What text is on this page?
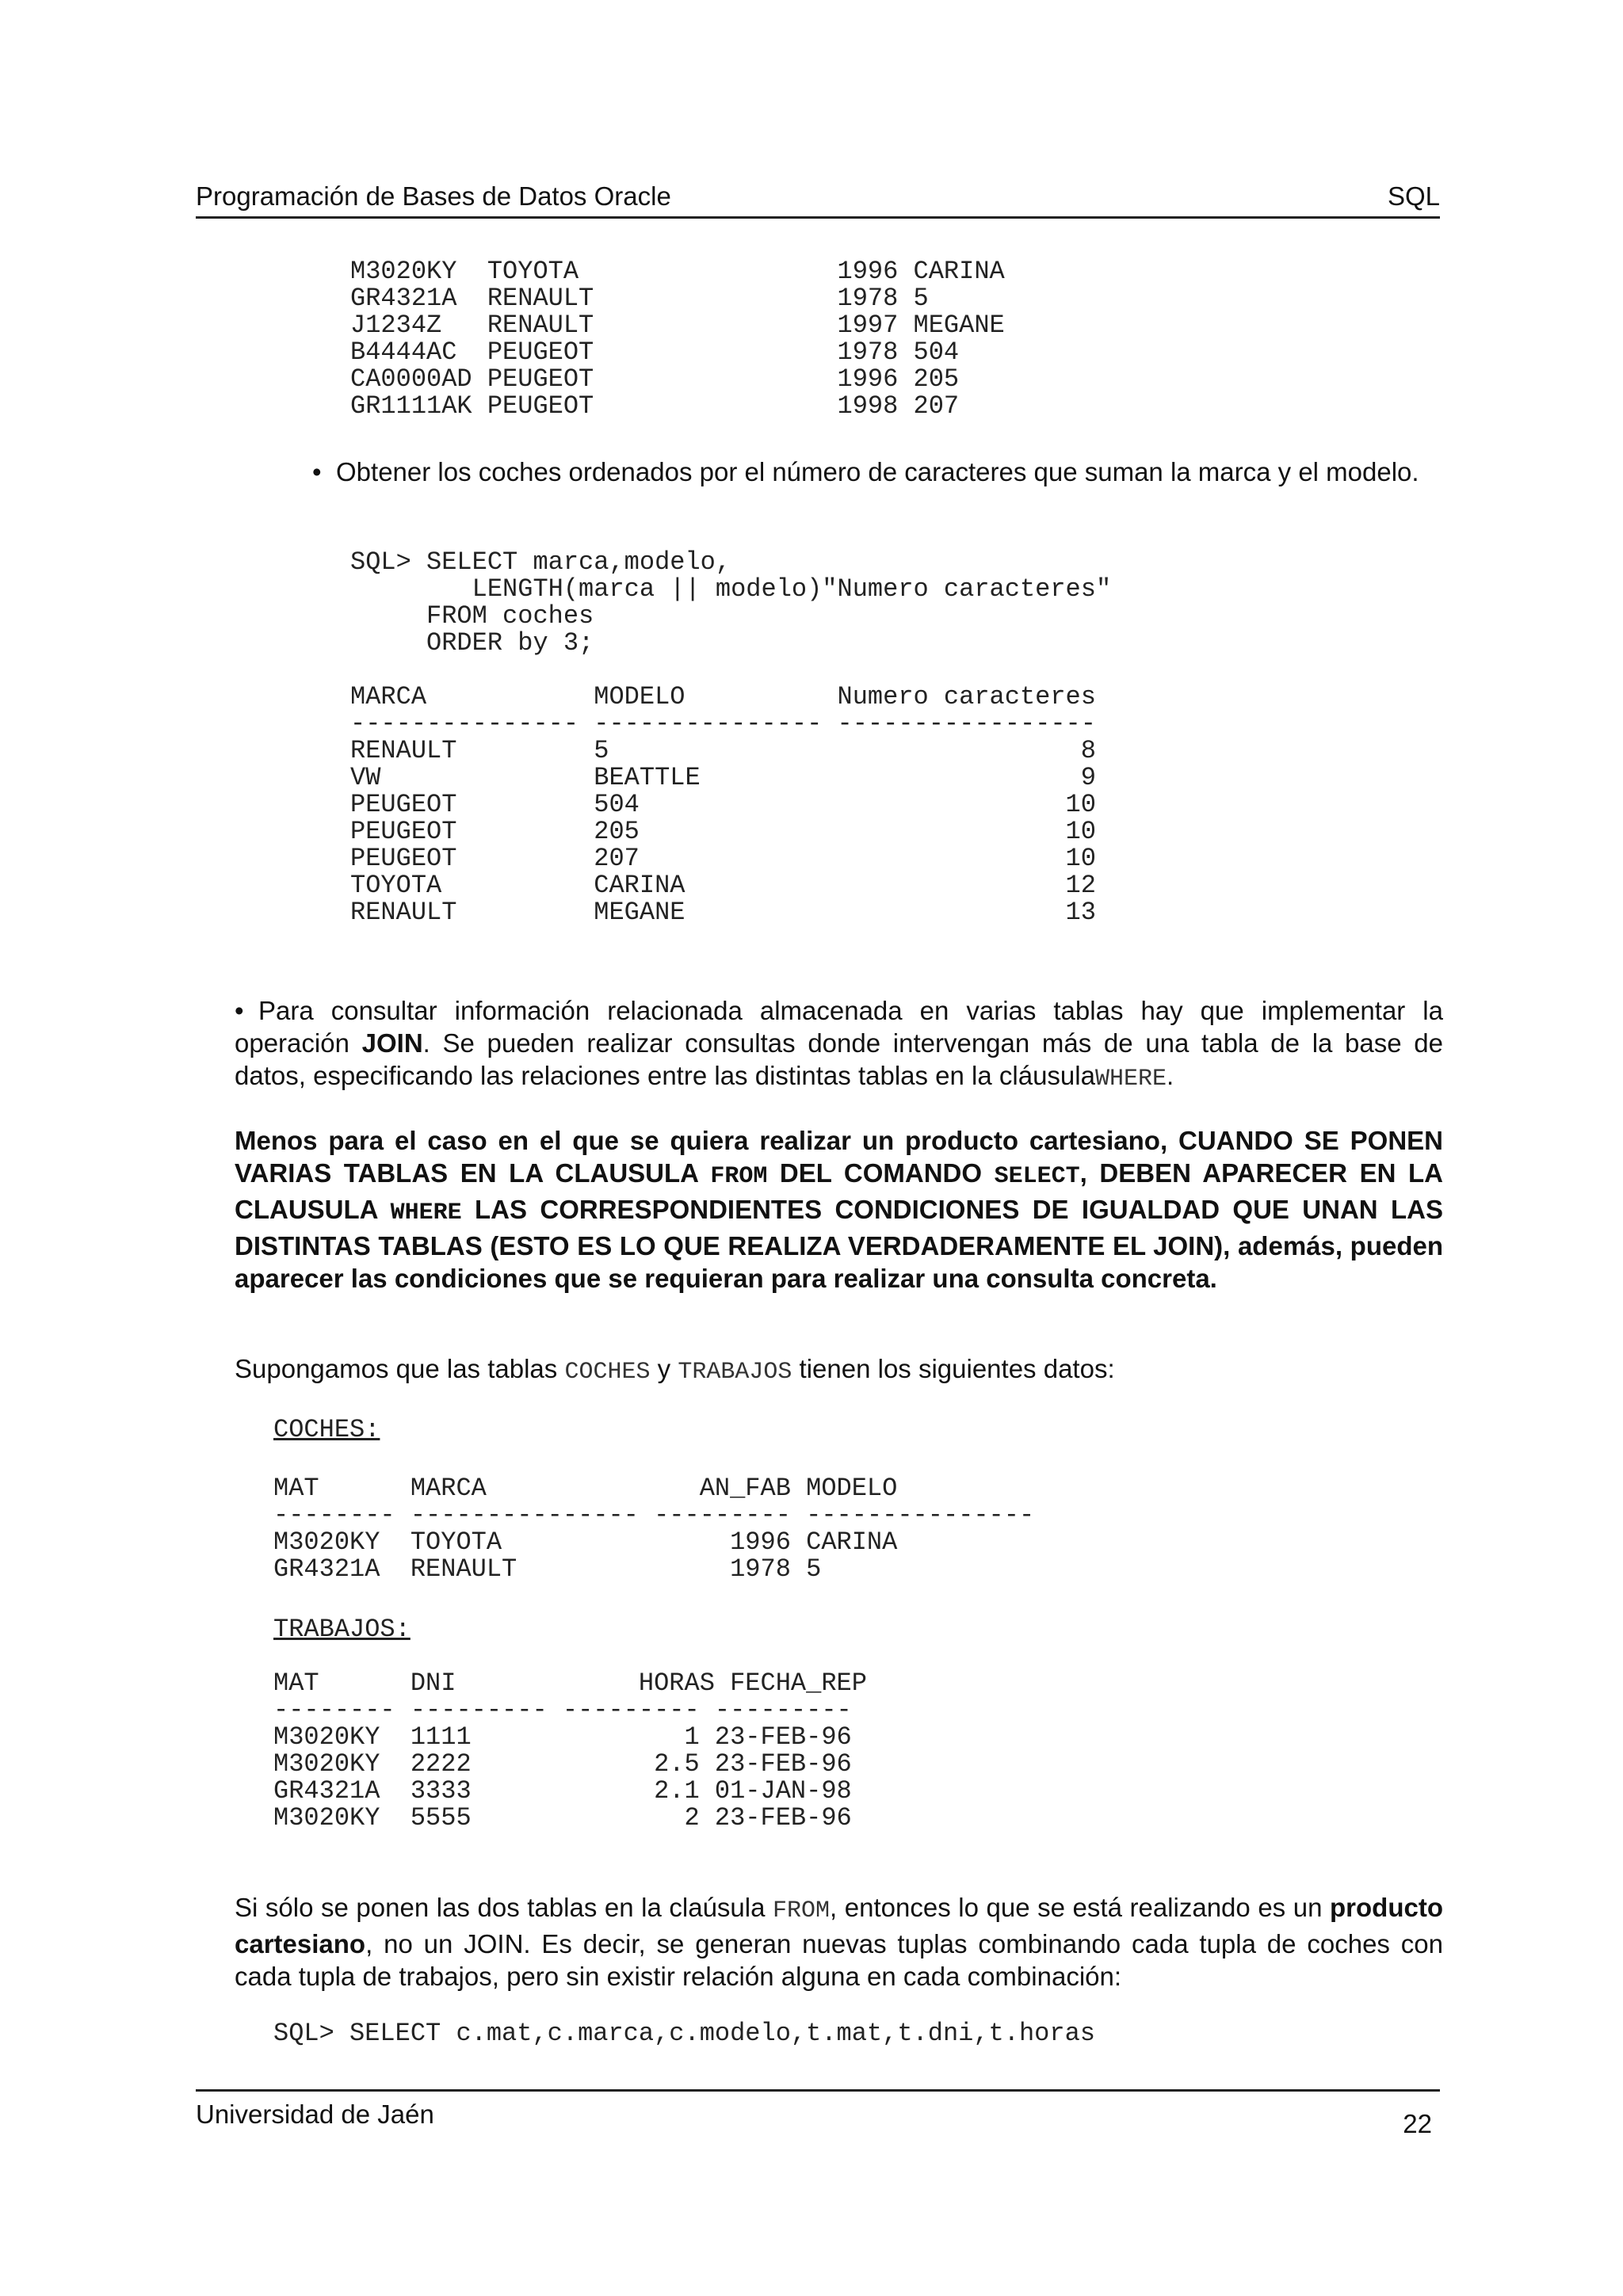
Programación de Bases de Datos Oracle	SQL
M3020KY  TOYOTA                 1996 CARINA
GR4321A  RENAULT                1978 5
J1234Z   RENAULT                1997 MEGANE
B4444AC  PEUGEOT                1978 504
CA0000AD PEUGEOT                1996 205
GR1111AK PEUGEOT                1998 207

• Obtener los coches ordenados por el número de caracteres que suman la marca y el modelo.

SQL> SELECT marca,modelo,
LENGTH(marca || modelo)"Numero caracteres"
FROM coches
ORDER by 3;
MARCA           MODELO          Numero caracteres
--------------- --------------- -----------------
RENAULT         5                               8
VW              BEATTLE                         9
PEUGEOT         504                            10
PEUGEOT         205                            10
PEUGEOT         207                            10
TOYOTA          CARINA                         12
RENAULT         MEGANE                         13

• Para consultar información relacionada almacenada en varias tablas hay que implementar la operación JOIN. Se pueden realizar consultas donde intervengan más de una tabla de la base de datos, especificando las relaciones entre las distintas tablas en la cláusulaWHERE.

Menos para el caso en el que se quiera realizar un producto cartesiano, CUANDO SE PONEN VARIAS TABLAS EN LA CLAUSULA FROM DEL COMANDO SELECT, DEBEN APARECER EN LA CLAUSULA WHERE LAS CORRESPONDIENTES CONDICIONES DE IGUALDAD QUE UNAN LAS DISTINTAS TABLAS (ESTO ES LO QUE REALIZA VERDADERAMENTE EL JOIN), además, pueden aparecer las condiciones que se requieran para realizar una consulta concreta.

Supongamos que las tablas COCHES y TRABAJOS tienen los siguientes datos:

COCHES:
MAT      MARCA              AN_FAB MODELO
-------- --------------- --------- ---------------
M3020KY  TOYOTA               1996 CARINA
GR4321A  RENAULT              1978 5
TRABAJOS:
MAT      DNI            HORAS FECHA_REP
-------- --------- --------- ---------
M3020KY  1111              1 23-FEB-96
M3020KY  2222            2.5 23-FEB-96
GR4321A  3333            2.1 01-JAN-98
M3020KY  5555              2 23-FEB-96

Si sólo se ponen las dos tablas en la claúsula FROM, entonces lo que se está realizando es un producto cartesiano, no un JOIN. Es decir, se generan nuevas tuplas combinando cada tupla de coches con cada tupla de trabajos, pero sin existir relación alguna en cada combinación:

SQL> SELECT c.mat,c.marca,c.modelo,t.mat,t.dni,t.horas
Universidad de Jaén	22
